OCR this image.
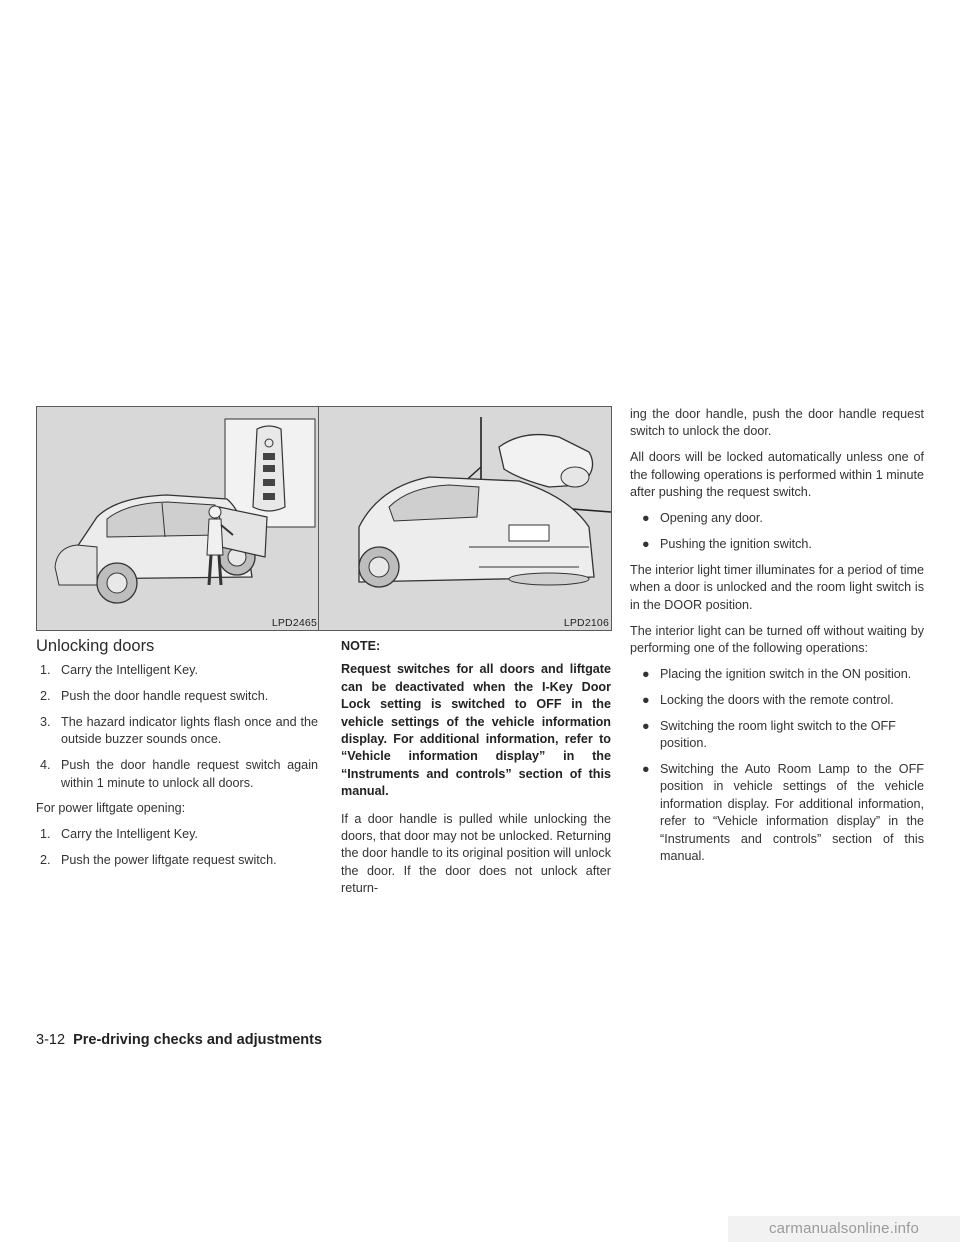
LPD2465	LPD2106
Unlocking doors
1. Carry the Intelligent Key.
2. Push the door handle request switch.
3. The hazard indicator lights flash once and the outside buzzer sounds once.
4. Push the door handle request switch again within 1 minute to unlock all doors.
For power liftgate opening:
1. Carry the Intelligent Key.
2. Push the power liftgate request switch.
NOTE:
Request switches for all doors and liftgate can be deactivated when the I-Key Door Lock setting is switched to OFF in the vehicle settings of the vehicle information display. For additional information, refer to “Vehicle information display” in the “Instruments and controls” section of this manual.
If a door handle is pulled while unlocking the doors, that door may not be unlocked. Returning the door handle to its original position will unlock the door. If the door does not unlock after return-
ing the door handle, push the door handle request switch to unlock the door.
All doors will be locked automatically unless one of the following operations is performed within 1 minute after pushing the request switch.
● Opening any door.
● Pushing the ignition switch.
The interior light timer illuminates for a period of time when a door is unlocked and the room light switch is in the DOOR position.
The interior light can be turned off without waiting by performing one of the following operations:
● Placing the ignition switch in the ON position.
● Locking the doors with the remote control.
● Switching the room light switch to the OFF position.
● Switching the Auto Room Lamp to the OFF position in vehicle settings of the vehicle information display. For additional information, refer to “Vehicle information display” in the “Instruments and controls” section of this manual.
3-12 Pre-driving checks and adjustments
carmanualsonline.info
